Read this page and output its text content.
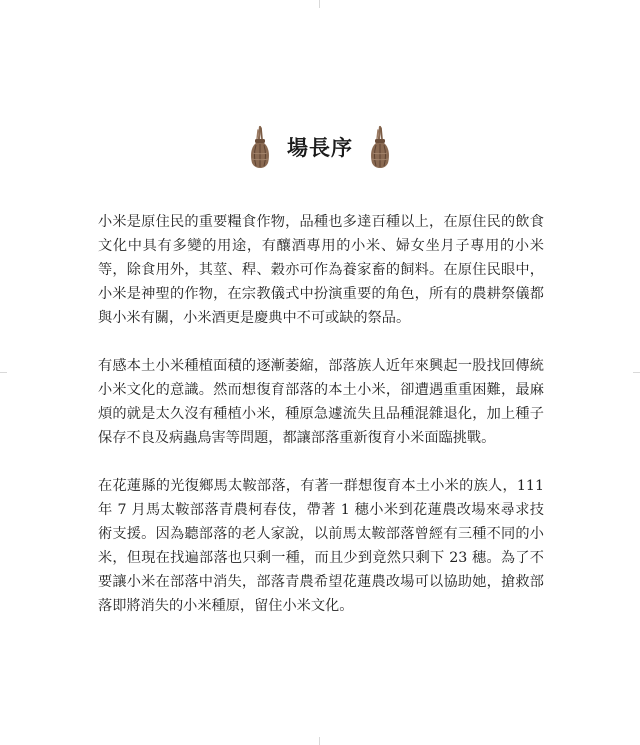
場長序

小米是原住民的重要糧食作物，品種也多達百種以上，在原住民的飲食文化中具有多變的用途，有釀酒專用的小米、婦女坐月子專用的小米等，除食用外，其莖、稈、穀亦可作為養家畜的飼料。在原住民眼中，小米是神聖的作物，在宗教儀式中扮演重要的角色，所有的農耕祭儀都與小米有關，小米酒更是慶典中不可或缺的祭品。

有感本土小米種植面積的逐漸萎縮，部落族人近年來興起一股找回傳統小米文化的意識。然而想復育部落的本土小米，卻遭遇重重困難，最麻煩的就是太久沒有種植小米，種原急遽流失且品種混雜退化，加上種子保存不良及病蟲鳥害等問題，都讓部落重新復育小米面臨挑戰。

在花蓮縣的光復鄉馬太鞍部落，有著一群想復育本土小米的族人，111年 7 月馬太鞍部落青農柯春伎，帶著 1 穗小米到花蓮農改場來尋求技術支援。因為聽部落的老人家說，以前馬太鞍部落曾經有三種不同的小米，但現在找遍部落也只剩一種，而且少到竟然只剩下 23 穗。為了不要讓小米在部落中消失，部落青農希望花蓮農改場可以協助她，搶救部落即將消失的小米種原，留住小米文化。
